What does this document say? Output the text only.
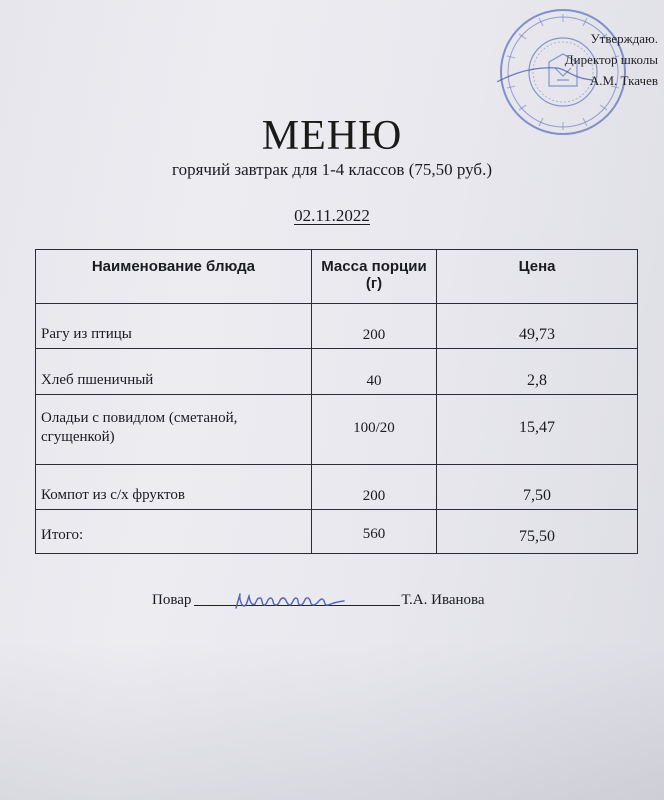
Утверждаю.
Директор школы
А.М. Ткачев
МЕНЮ
горячий завтрак для 1-4 классов (75,50 руб.)
02.11.2022
Наименование блюда	Масса порции (г)	Цена
Рагу из птицы	200	49,73
Хлеб пшеничный	40	2,8
Оладьи с повидлом (сметаной, сгущенкой)	100/20	15,47
Компот из с/х фруктов	200	7,50
Итого:	560	75,50
Повар	Т.А. Иванова
